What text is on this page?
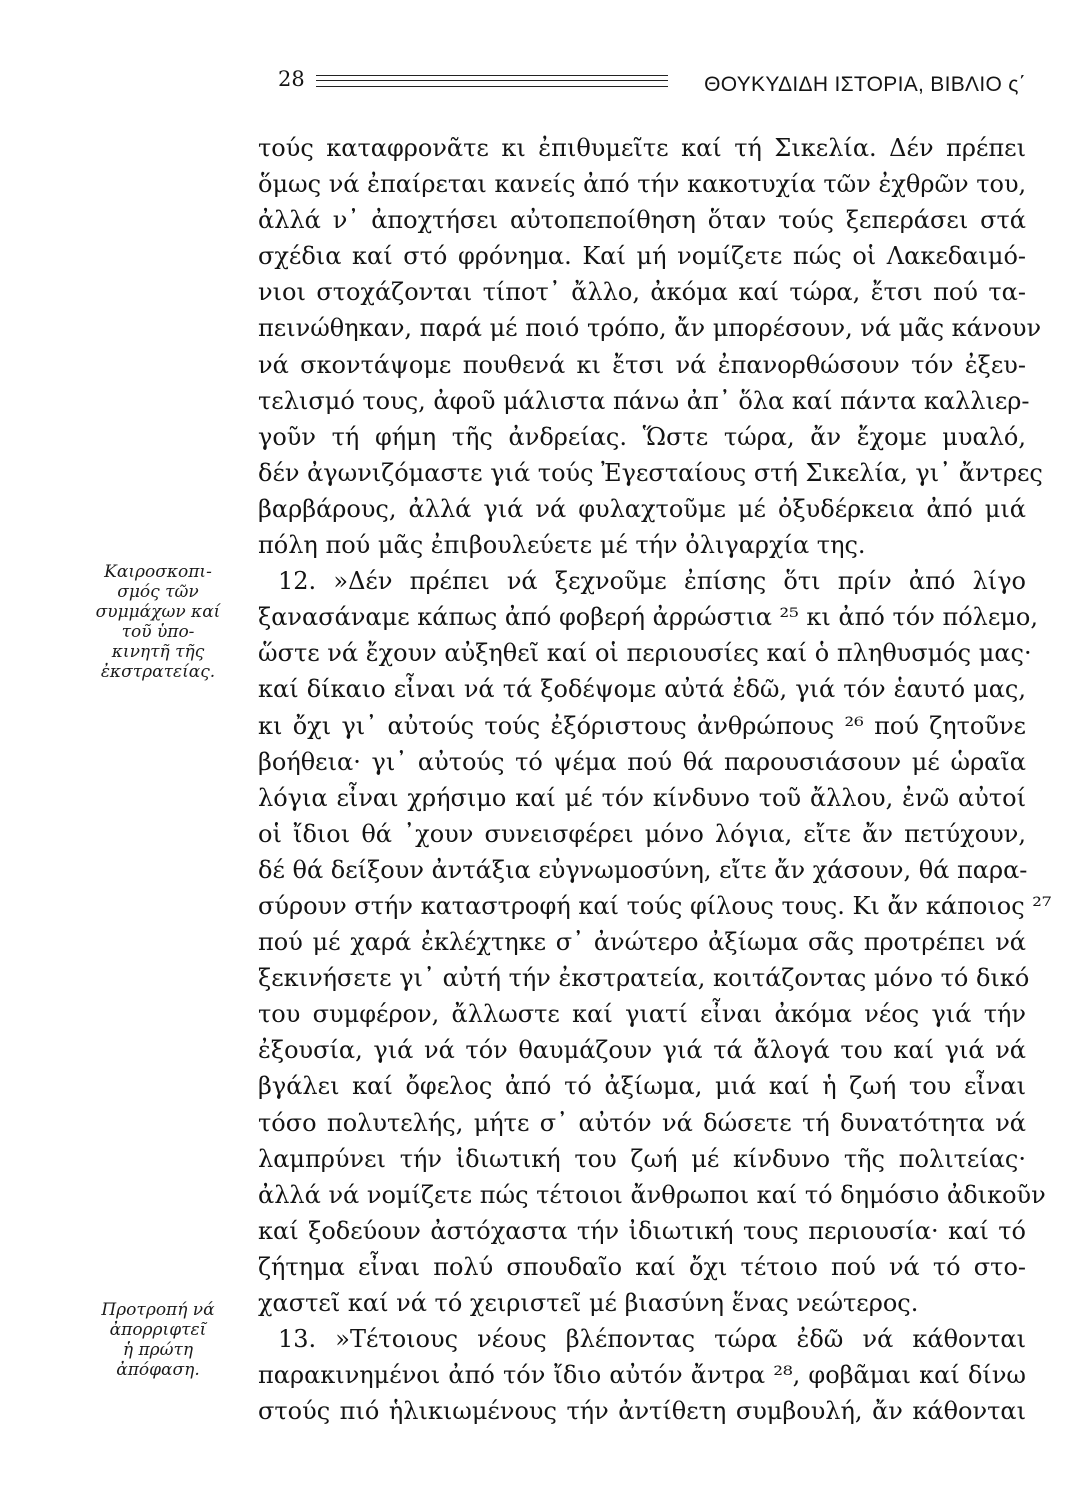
28	ΘΟΥΚΥΔΙΔΗ ΙΣΤΟΡΙΑ, ΒΙΒΛΙΟ ς΄
Καιροσκοπι-
σμός τῶν
συμμάχων καί
τοῦ ὑπο-
κινητῆ τῆς
ἐκστρατείας.
Προτροπή νά
ἀπορριφτεῖ
ἡ πρώτη
ἀπόφαση.
τούς καταφρονᾶτε κι ἐπιθυμεῖτε καί τή Σικελία. Δέν πρέπει
ὅμως νά ἐπαίρεται κανείς ἀπό τήν κακοτυχία τῶν ἐχθρῶν του,
ἀλλά ν᾽ ἀποχτήσει αὐτοπεποίθηση ὅταν τούς ξεπεράσει στά
σχέδια καί στό φρόνημα. Καί μή νομίζετε πώς οἱ Λακεδαιμό-
νιοι στοχάζονται τίποτ᾽ ἄλλο, ἀκόμα καί τώρα, ἔτσι πού τα-
πεινώθηκαν, παρά μέ ποιό τρόπο, ἄν μπορέσουν, νά μᾶς κάνουν
νά σκοντάψομε πουθενά κι ἔτσι νά ἐπανορθώσουν τόν ἐξευ-
τελισμό τους, ἀφοῦ μάλιστα πάνω ἀπ᾽ ὅλα καί πάντα καλλιερ-
γοῦν τή φήμη τῆς ἀνδρείας. Ὥστε τώρα, ἄν ἔχομε μυαλό,
δέν ἀγωνιζόμαστε γιά τούς Ἐγεσταίους στή Σικελία, γι᾽ ἄντρες
βαρβάρους, ἀλλά γιά νά φυλαχτοῦμε μέ ὀξυδέρκεια ἀπό μιά
πόλη πού μᾶς ἐπιβουλεύετε μέ τήν ὀλιγαρχία της.
12. »Δέν πρέπει νά ξεχνοῦμε ἐπίσης ὅτι πρίν ἀπό λίγο
ξανασάναμε κάπως ἀπό φοβερή ἀρρώστια ²⁵ κι ἀπό τόν πόλεμο,
ὥστε νά ἔχουν αὐξηθεῖ καί οἱ περιουσίες καί ὁ πληθυσμός μας·
καί δίκαιο εἶναι νά τά ξοδέψομε αὐτά ἐδῶ, γιά τόν ἑαυτό μας,
κι ὄχι γι᾽ αὐτούς τούς ἐξόριστους ἀνθρώπους ²⁶ πού ζητοῦνε
βοήθεια· γι᾽ αὐτούς τό ψέμα πού θά παρουσιάσουν μέ ὡραῖα
λόγια εἶναι χρήσιμο καί μέ τόν κίνδυνο τοῦ ἄλλου, ἐνῶ αὐτοί
οἱ ἴδιοι θά ᾽χουν συνεισφέρει μόνο λόγια, εἴτε ἄν πετύχουν,
δέ θά δείξουν ἀντάξια εὐγνωμοσύνη, εἴτε ἄν χάσουν, θά παρα-
σύρουν στήν καταστροφή καί τούς φίλους τους. Κι ἄν κάποιος ²⁷
πού μέ χαρά ἐκλέχτηκε σ᾽ ἀνώτερο ἀξίωμα σᾶς προτρέπει νά
ξεκινήσετε γι᾽ αὐτή τήν ἐκστρατεία, κοιτάζοντας μόνο τό δικό
του συμφέρον, ἄλλωστε καί γιατί εἶναι ἀκόμα νέος γιά τήν
ἐξουσία, γιά νά τόν θαυμάζουν γιά τά ἄλογά του καί γιά νά
βγάλει καί ὄφελος ἀπό τό ἀξίωμα, μιά καί ἡ ζωή του εἶναι
τόσο πολυτελής, μήτε σ᾽ αὐτόν νά δώσετε τή δυνατότητα νά
λαμπρύνει τήν ἰδιωτική του ζωή μέ κίνδυνο τῆς πολιτείας·
ἀλλά νά νομίζετε πώς τέτοιοι ἄνθρωποι καί τό δημόσιο ἀδικοῦν
καί ξοδεύουν ἀστόχαστα τήν ἰδιωτική τους περιουσία· καί τό
ζήτημα εἶναι πολύ σπουδαῖο καί ὄχι τέτοιο πού νά τό στο-
χαστεῖ καί νά τό χειριστεῖ μέ βιασύνη ἕνας νεώτερος.
13. »Τέτοιους νέους βλέποντας τώρα ἐδῶ νά κάθονται
παρακινημένοι ἀπό τόν ἴδιο αὐτόν ἄντρα ²⁸, φοβᾶμαι καί δίνω
στούς πιό ἡλικιωμένους τήν ἀντίθετη συμβουλή, ἄν κάθονται
